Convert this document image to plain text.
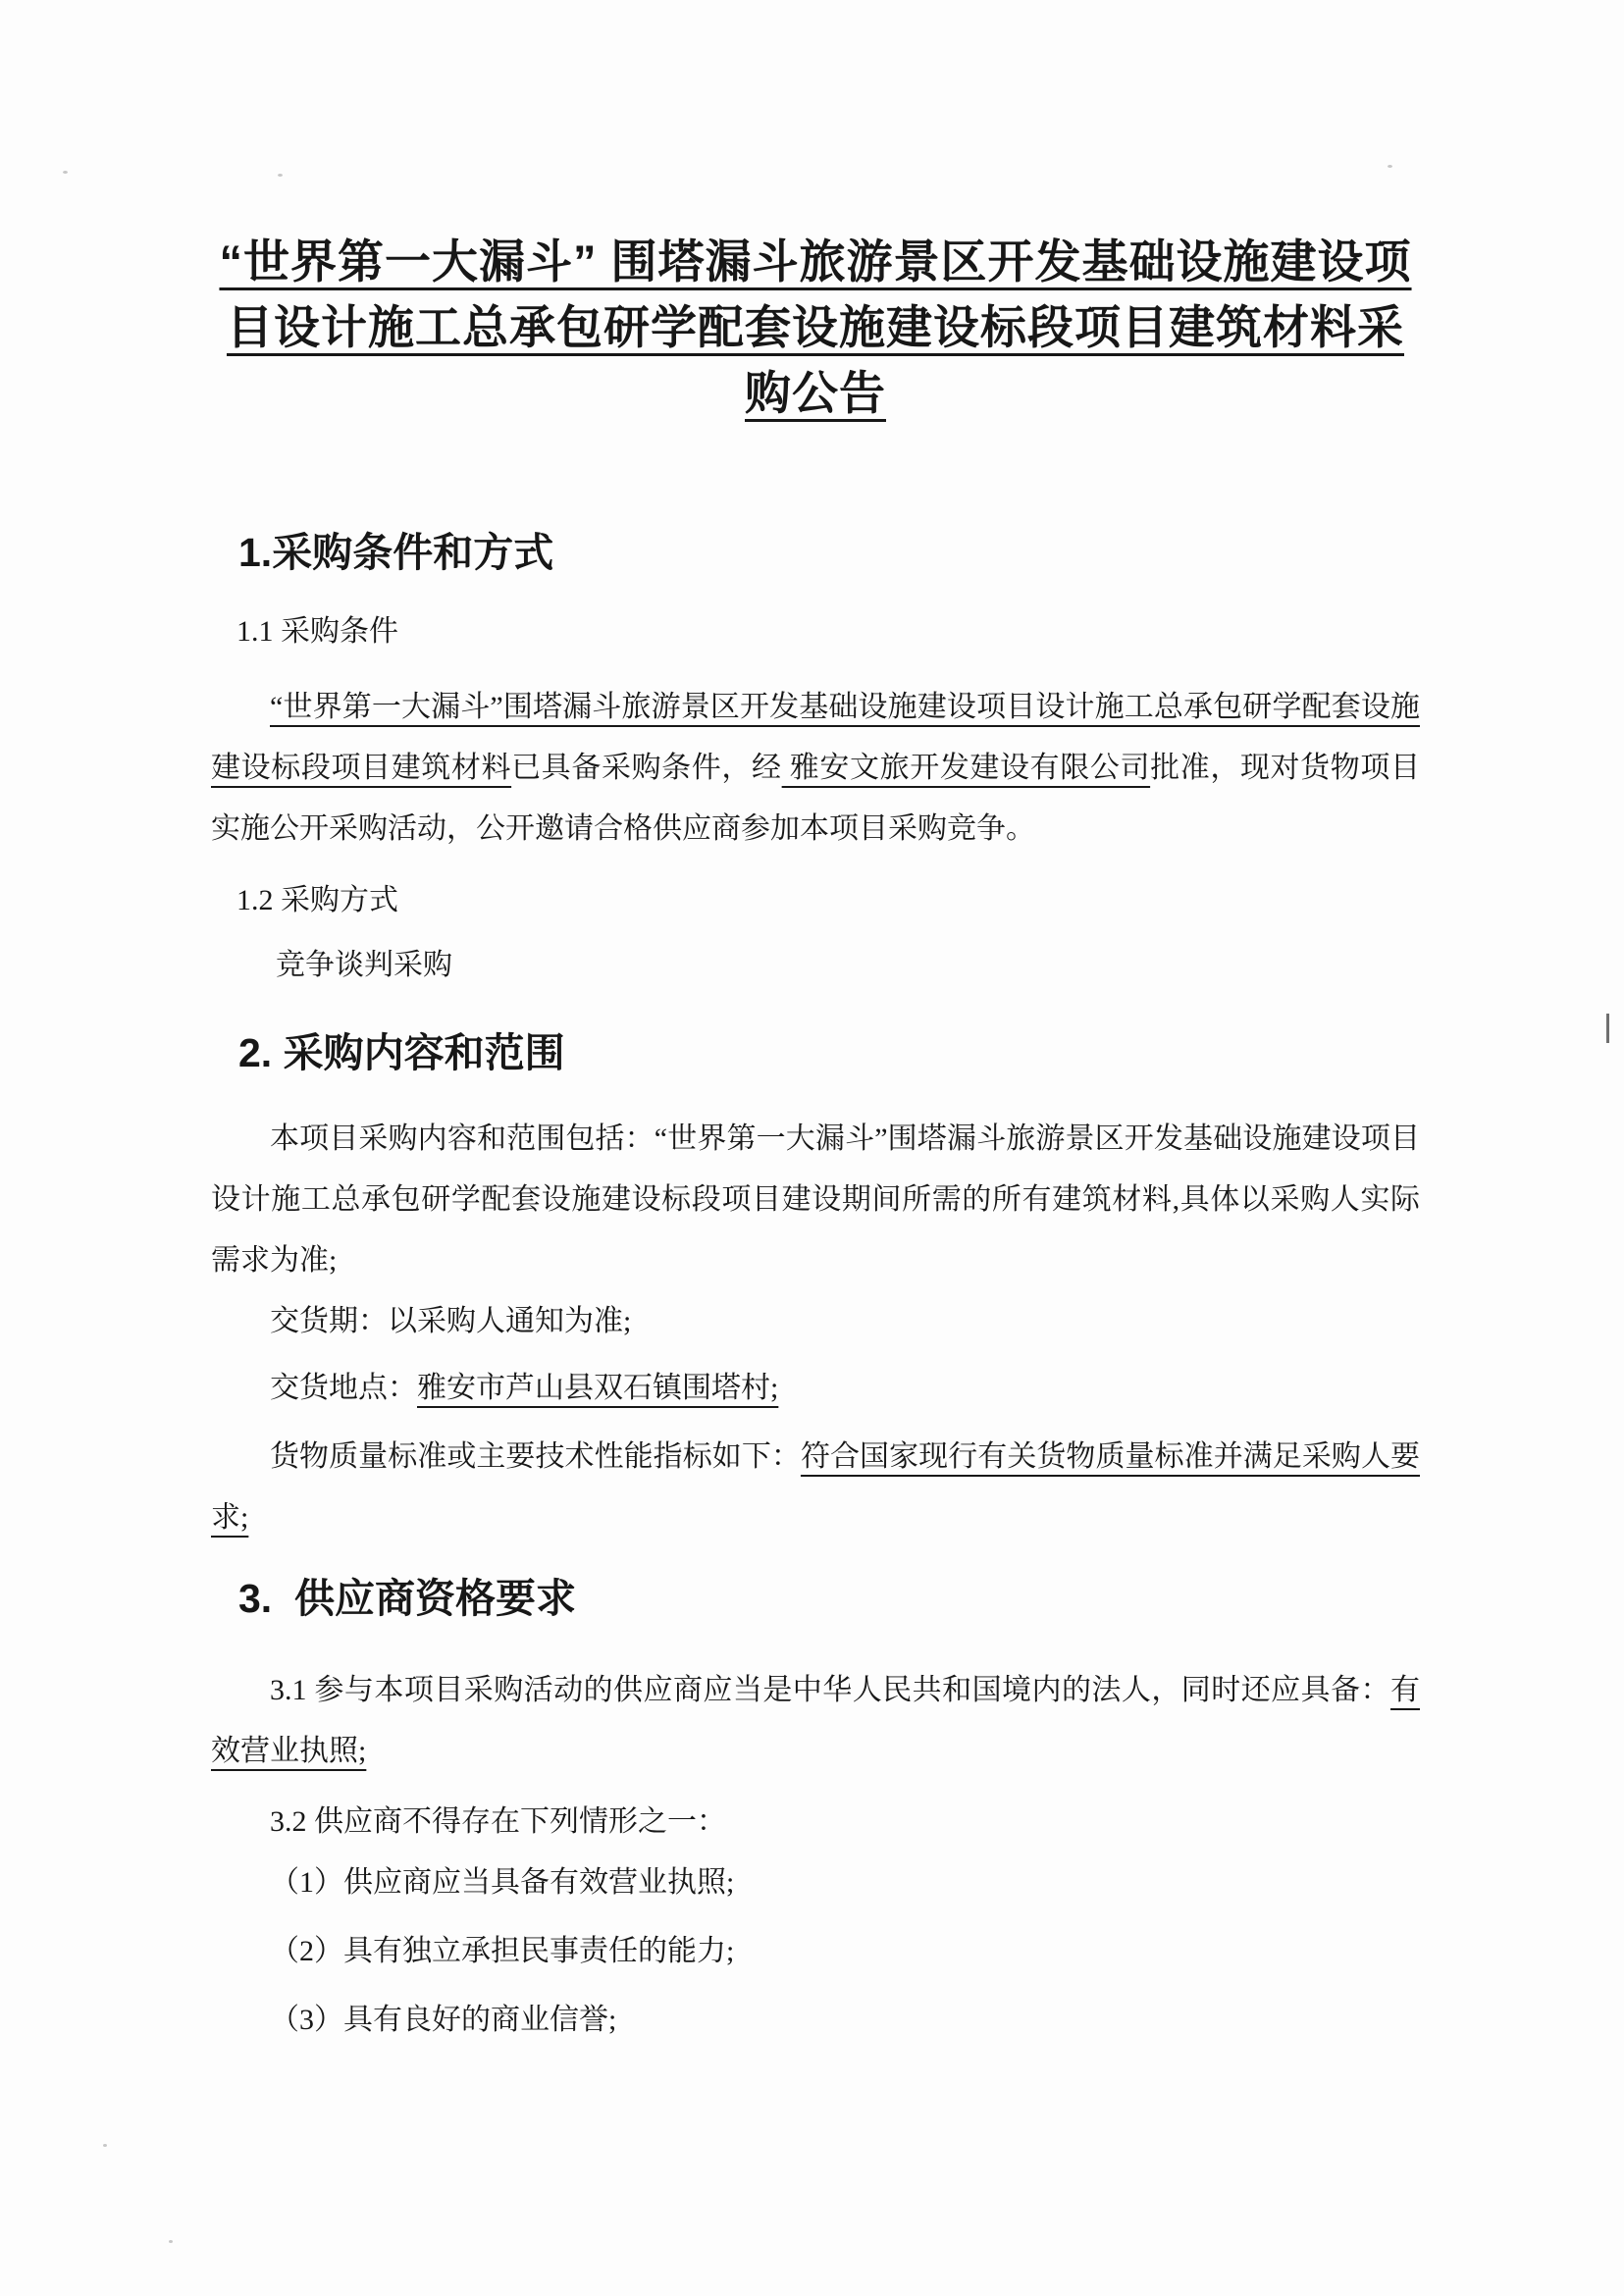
“世界第一大漏斗” 围塔漏斗旅游景区开发基础设施建设项
目设计施工总承包研学配套设施建设标段项目建筑材料采
购公告
1.采购条件和方式
1.1 采购条件

“世界第一大漏斗”围塔漏斗旅游景区开发基础设施建设项目设计施工总承包研学配套设施建设标段项目建筑材料已具备采购条件，经 雅安文旅开发建设有限公司批准，现对货物项目实施公开采购活动，公开邀请合格供应商参加本项目采购竞争。

1.2 采购方式

竞争谈判采购

2. 采购内容和范围

本项目采购内容和范围包括：“世界第一大漏斗”围塔漏斗旅游景区开发基础设施建设项目设计施工总承包研学配套设施建设标段项目建设期间所需的所有建筑材料,具体以采购人实际需求为准;

交货期：以采购人通知为准;

交货地点：雅安市芦山县双石镇围塔村;

货物质量标准或主要技术性能指标如下：符合国家现行有关货物质量标准并满足采购人要求;

3.  供应商资格要求

3.1 参与本项目采购活动的供应商应当是中华人民共和国境内的法人，同时还应具备：有效营业执照;

3.2 供应商不得存在下列情形之一：

（1）供应商应当具备有效营业执照;

（2）具有独立承担民事责任的能力;

（3）具有良好的商业信誉;
